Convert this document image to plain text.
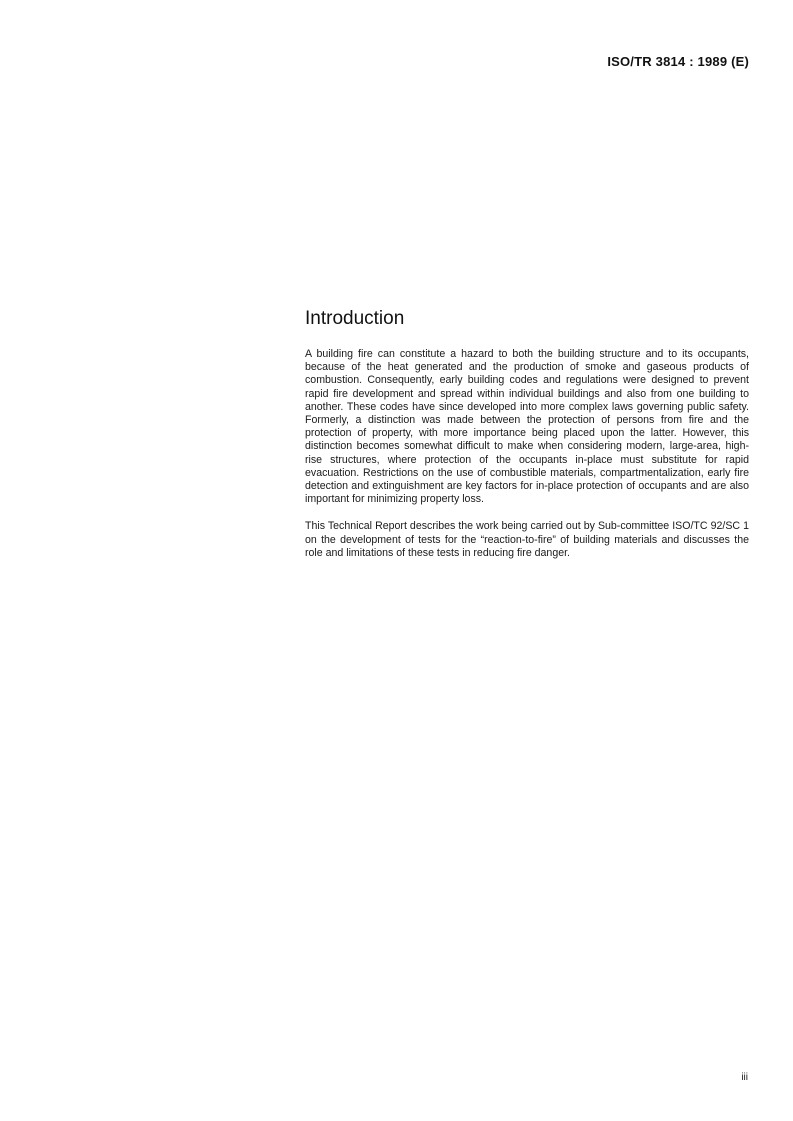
ISO/TR 3814 : 1989 (E)
Introduction

A building fire can constitute a hazard to both the building structure and to its occupants, because of the heat generated and the production of smoke and gaseous products of combustion. Consequently, early building codes and regulations were designed to prevent rapid fire development and spread within individual buildings and also from one building to another. These codes have since developed into more complex laws governing public safety. Formerly, a distinction was made between the protection of persons from fire and the protection of property, with more importance being placed upon the latter. However, this distinction becomes somewhat difficult to make when considering modern, large-area, high-rise structures, where protection of the occupants in-place must substitute for rapid evacuation. Restrictions on the use of combustible materials, compartmentalization, early fire detection and extinguishment are key factors for in-place protection of occupants and are also important for minimizing property loss.

This Technical Report describes the work being carried out by Sub-committee ISO/TC 92/SC 1 on the development of tests for the “reaction-to-fire” of building materials and discusses the role and limitations of these tests in reducing fire danger.

iii
